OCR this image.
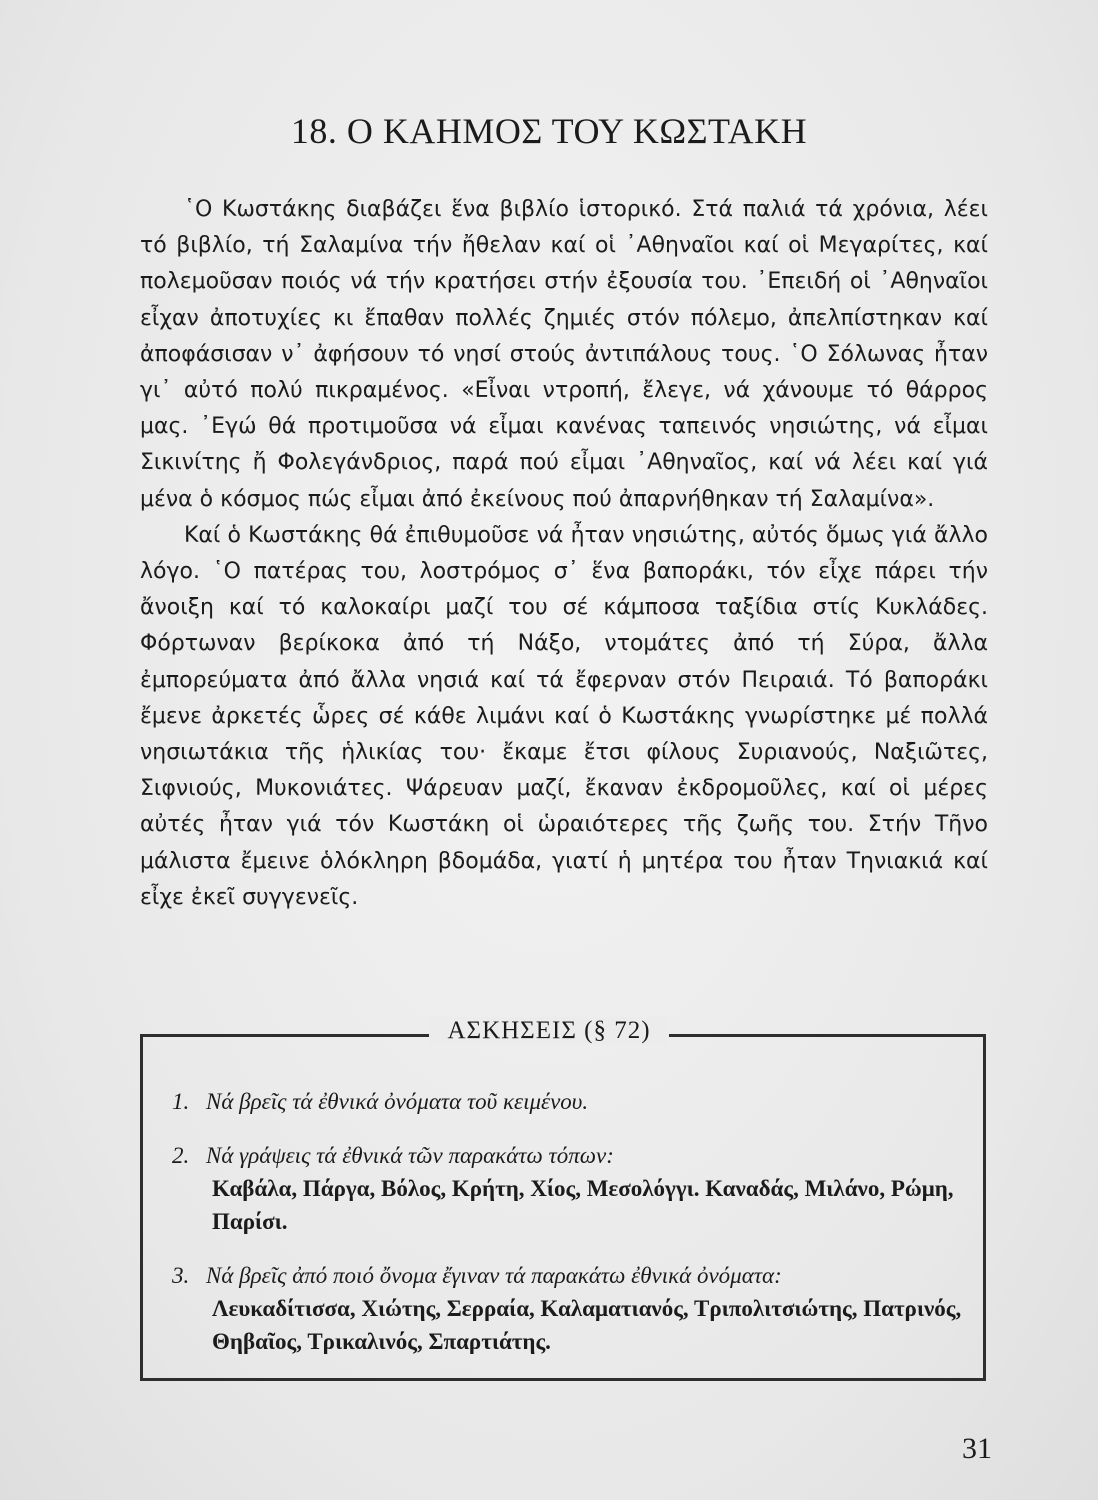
18. Ο ΚΑΗΜΟΣ ΤΟΥ ΚΩΣΤΑΚΗ

῾Ο Κωστάκης διαβάζει ἕνα βιβλίο ἱστορικό. Στά παλιά τά χρόνια, λέει τό βιβλίο, τή Σαλαμίνα τήν ἤθελαν καί οἱ ᾿Αθηναῖοι καί οἱ Μεγαρίτες, καί πολεμοῦσαν ποιός νά τήν κρατήσει στήν ἐξουσία του. ᾿Επειδή οἱ ᾿Αθηναῖοι εἶχαν ἀποτυχίες κι ἔπαθαν πολλές ζημιές στόν πόλεμο, ἀπελπίστηκαν καί ἀποφάσισαν ν᾿ ἀφήσουν τό νησί στούς ἀντιπάλους τους. ῾Ο Σόλωνας ἦταν γι᾿ αὐτό πολύ πικραμένος. «Εἶναι ντροπή, ἔλεγε, νά χάνουμε τό θάρρος μας. ᾿Εγώ θά προτιμοῦσα νά εἶμαι κανένας ταπεινός νησιώτης, νά εἶμαι Σικινίτης ἤ Φολεγάνδριος, παρά πού εἶμαι ᾿Αθηναῖος, καί νά λέει καί γιά μένα ὁ κόσμος πώς εἶμαι ἀπό ἐκείνους πού ἀπαρνήθηκαν τή Σαλαμίνα».

Καί ὁ Κωστάκης θά ἐπιθυμοῦσε νά ἦταν νησιώτης, αὐτός ὅμως γιά ἄλλο λόγο. ῾Ο πατέρας του, λοστρόμος σ᾿ ἕνα βαποράκι, τόν εἶχε πάρει τήν ἄνοιξη καί τό καλοκαίρι μαζί του σέ κάμποσα ταξίδια στίς Κυκλάδες. Φόρτωναν βερίκοκα ἀπό τή Νάξο, ντομάτες ἀπό τή Σύρα, ἄλλα ἐμπορεύματα ἀπό ἄλλα νησιά καί τά ἔφερναν στόν Πειραιά. Τό βαποράκι ἔμενε ἀρκετές ὧρες σέ κάθε λιμάνι καί ὁ Κωστάκης γνωρίστηκε μέ πολλά νησιωτάκια τῆς ἡλικίας του· ἔκαμε ἔτσι φίλους Συριανούς, Ναξιῶτες, Σιφνιούς, Μυκονιάτες. Ψάρευαν μαζί, ἔκαναν ἐκδρομοῦλες, καί οἱ μέρες αὐτές ἦταν γιά τόν Κωστάκη οἱ ὡραιότερες τῆς ζωῆς του. Στήν Τῆνο μάλιστα ἔμεινε ὁλόκληρη βδομάδα, γιατί ἡ μητέρα του ἦταν Τηνιακιά καί εἶχε ἐκεῖ συγγενεῖς.

ΑΣΚΗΣΕΙΣ (§ 72)
1. Νά βρεῖς τά ἐθνικά ὀνόματα τοῦ κειμένου.
2. Νά γράψεις τά ἐθνικά τῶν παρακάτω τόπων:
Καβάλα, Πάργα, Βόλος, Κρήτη, Χίος, Μεσολόγγι. Καναδάς, Μιλάνο, Ρώμη, Παρίσι.
3. Νά βρεῖς ἀπό ποιό ὄνομα ἔγιναν τά παρακάτω ἐθνικά ὀνόματα:
Λευκαδίτισσα, Χιώτης, Σερραία, Καλαματιανός, Τριπολιτσιώτης, Πατρινός, Θηβαῖος, Τρικαλινός, Σπαρτιάτης.
31
